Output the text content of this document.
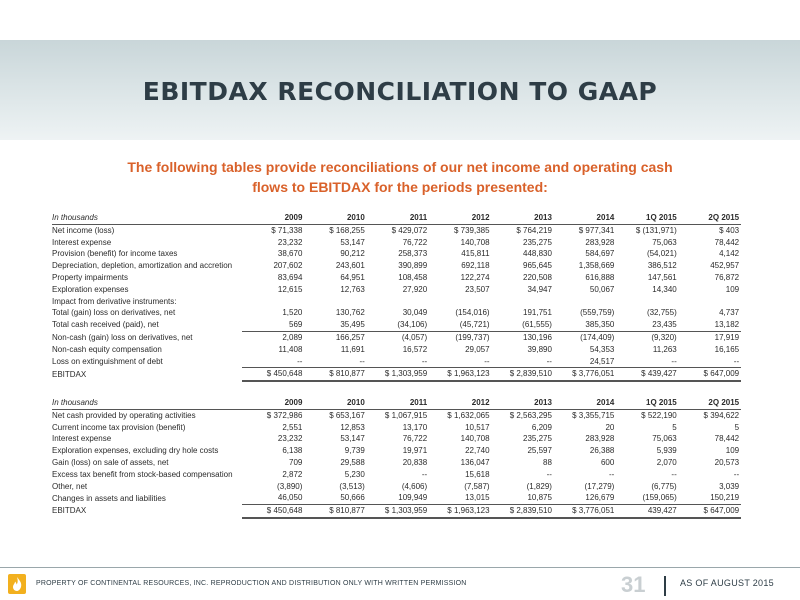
EBITDAX RECONCILIATION TO GAAP
The following tables provide reconciliations of our net income and operating cash flows to EBITDAX for the periods presented:
In thousands	2009	2010	2011	2012	2013	2014	1Q 2015	2Q 2015
Net income (loss)	$ 71,338	$ 168,255	$ 429,072	$ 739,385	$ 764,219	$ 977,341	$ (131,971)	$ 403
Interest expense	23,232	53,147	76,722	140,708	235,275	283,928	75,063	78,442
Provision (benefit) for income taxes	38,670	90,212	258,373	415,811	448,830	584,697	(54,021)	4,142
Depreciation, depletion, amortization and accretion	207,602	243,601	390,899	692,118	965,645	1,358,669	386,512	452,957
Property impairments	83,694	64,951	108,458	122,274	220,508	616,888	147,561	76,872
Exploration expenses	12,615	12,763	27,920	23,507	34,947	50,067	14,340	109
Impact from derivative instruments:								
Total (gain) loss on derivatives, net	1,520	130,762	30,049	(154,016)	191,751	(559,759)	(32,755)	4,737
Total cash received (paid), net	569	35,495	(34,106)	(45,721)	(61,555)	385,350	23,435	13,182
Non-cash (gain) loss on derivatives, net	2,089	166,257	(4,057)	(199,737)	130,196	(174,409)	(9,320)	17,919
Non-cash equity compensation	11,408	11,691	16,572	29,057	39,890	54,353	11,263	16,165
Loss on extinguishment of debt	--	--	--	--	--	24,517	--	--
EBITDAX	$ 450,648	$ 810,877	$ 1,303,959	$ 1,963,123	$ 2,839,510	$ 3,776,051	$ 439,427	$ 647,009
In thousands	2009	2010	2011	2012	2013	2014	1Q 2015	2Q 2015
Net cash provided by operating activities	$ 372,986	$ 653,167	$ 1,067,915	$ 1,632,065	$ 2,563,295	$ 3,355,715	$ 522,190	$ 394,622
Current income tax provision (benefit)	2,551	12,853	13,170	10,517	6,209	20	5	5
Interest expense	23,232	53,147	76,722	140,708	235,275	283,928	75,063	78,442
Exploration expenses, excluding dry hole costs	6,138	9,739	19,971	22,740	25,597	26,388	5,939	109
Gain (loss) on sale of assets, net	709	29,588	20,838	136,047	88	600	2,070	20,573
Excess tax benefit from stock-based compensation	2,872	5,230	--	15,618	--	--	--	--
Other, net	(3,890)	(3,513)	(4,606)	(7,587)	(1,829)	(17,279)	(6,775)	3,039
Changes in assets and liabilities	46,050	50,666	109,949	13,015	10,875	126,679	(159,065)	150,219
EBITDAX	$ 450,648	$ 810,877	$ 1,303,959	$ 1,963,123	$ 2,839,510	$ 3,776,051	439,427	$ 647,009
PROPERTY OF CONTINENTAL RESOURCES, INC. REPRODUCTION AND DISTRIBUTION ONLY WITH WRITTEN PERMISSION	31	AS OF AUGUST 2015
